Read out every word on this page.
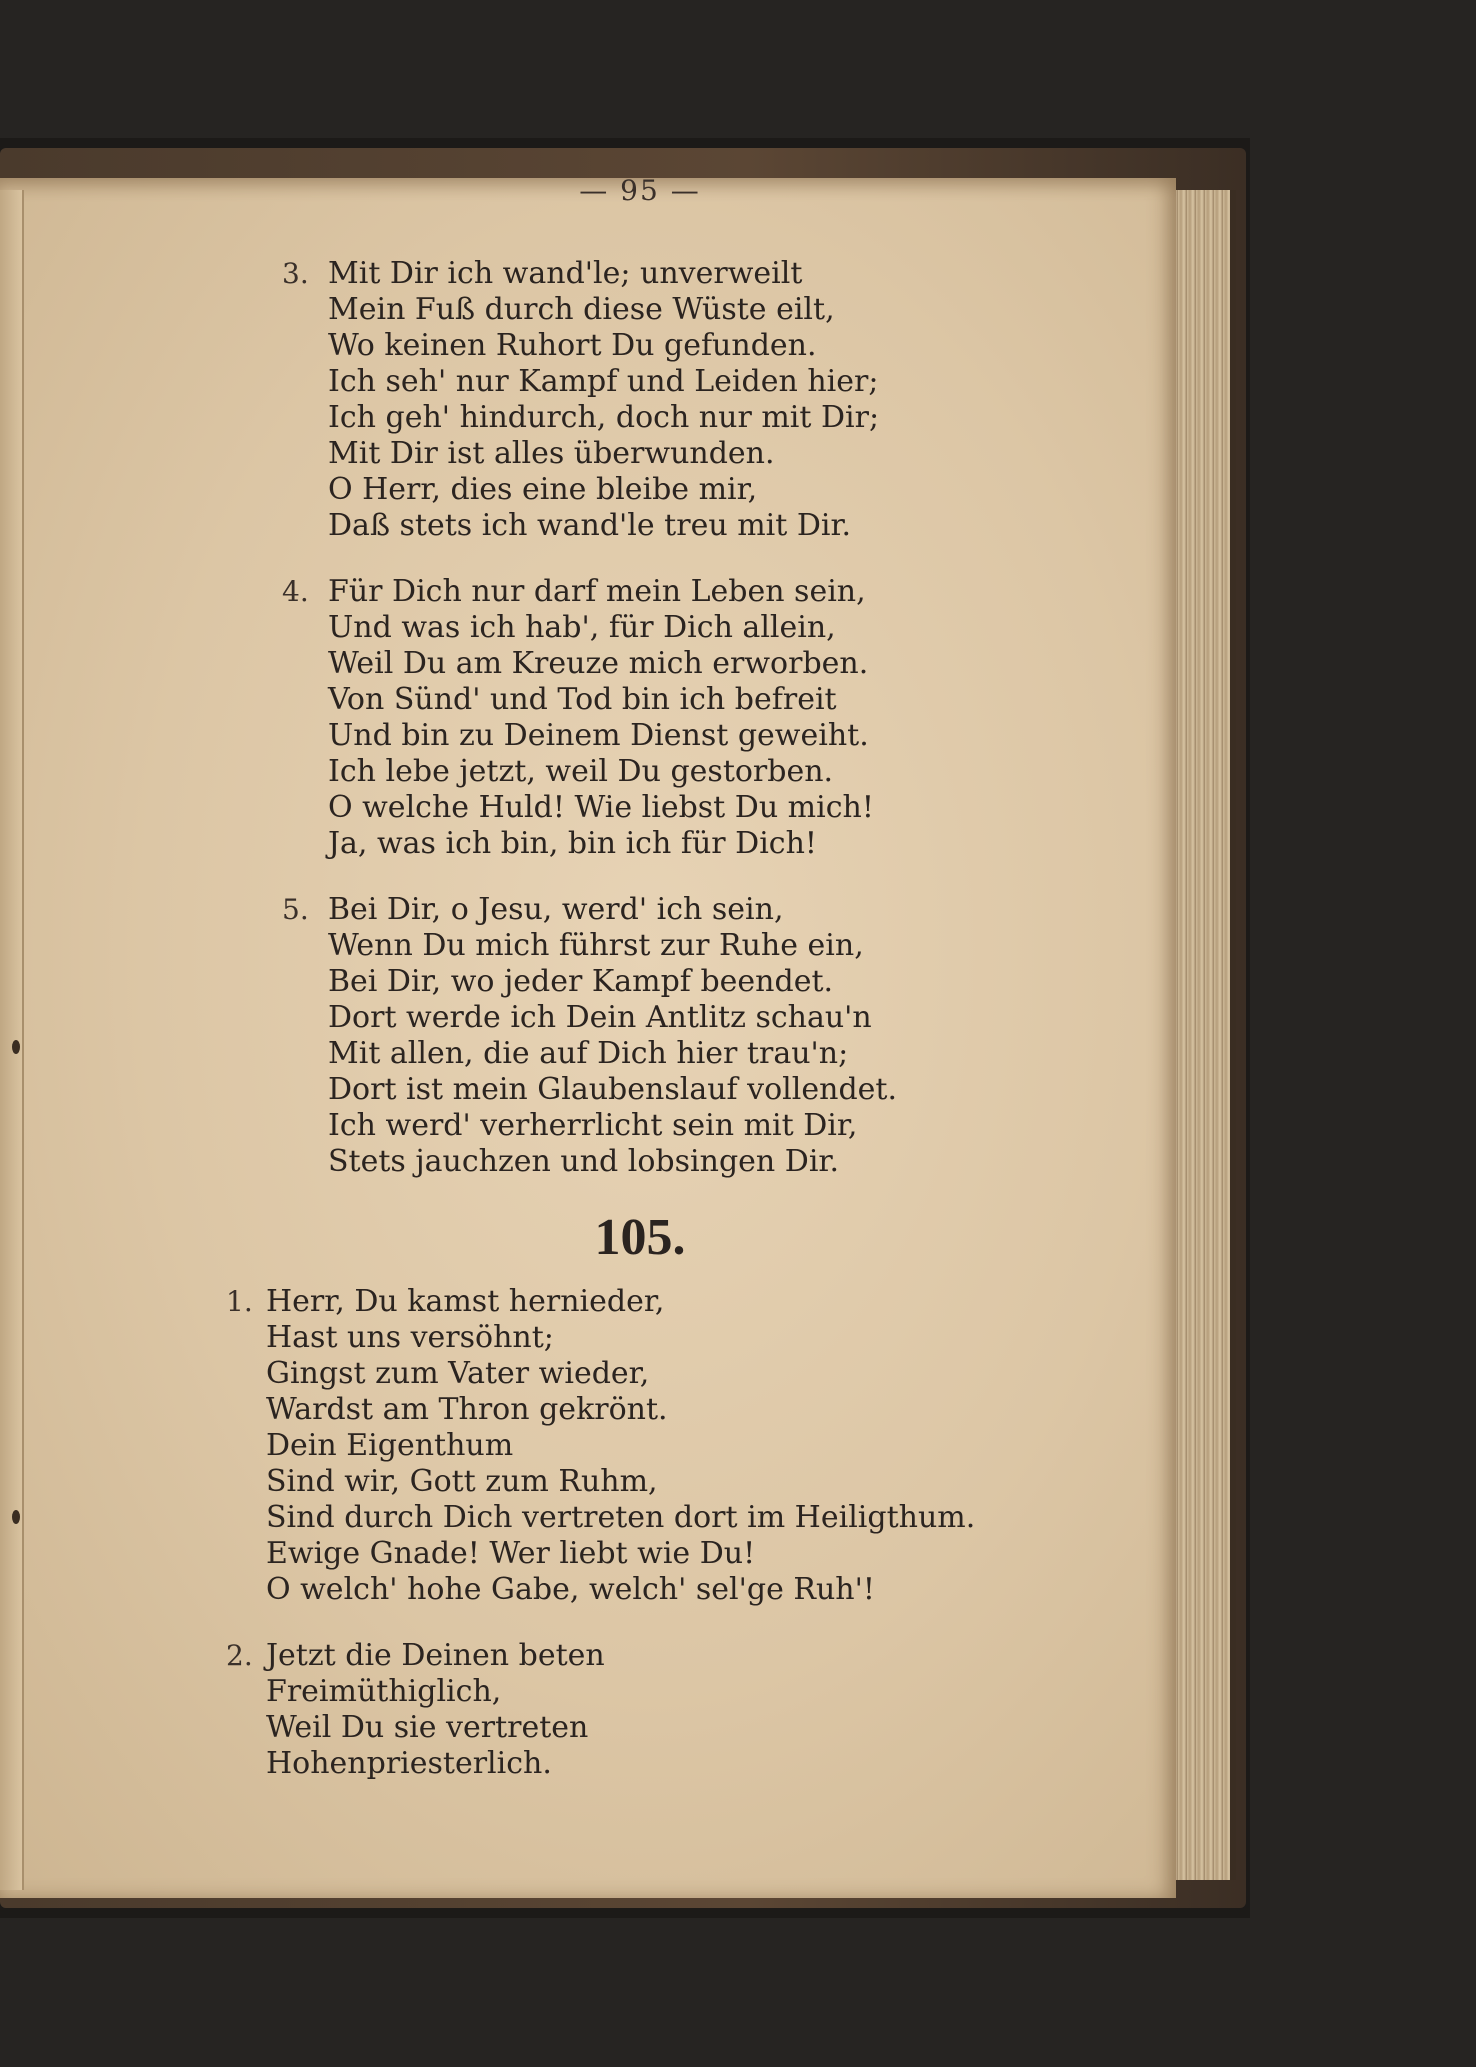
— 95 —
3. Mit Dir ich wand'le; unverweilt
Mein Fuß durch diese Wüste eilt,
Wo keinen Ruhort Du gefunden.
Ich seh' nur Kampf und Leiden hier;
Ich geh' hindurch, doch nur mit Dir;
Mit Dir ist alles überwunden.
O Herr, dies eine bleibe mir,
Daß stets ich wand'le treu mit Dir.
4. Für Dich nur darf mein Leben sein,
Und was ich hab', für Dich allein,
Weil Du am Kreuze mich erworben.
Von Sünd' und Tod bin ich befreit
Und bin zu Deinem Dienst geweiht.
Ich lebe jetzt, weil Du gestorben.
O welche Huld! Wie liebst Du mich!
Ja, was ich bin, bin ich für Dich!
5. Bei Dir, o Jesu, werd' ich sein,
Wenn Du mich führst zur Ruhe ein,
Bei Dir, wo jeder Kampf beendet.
Dort werde ich Dein Antlitz schau'n
Mit allen, die auf Dich hier trau'n;
Dort ist mein Glaubenslauf vollendet.
Ich werd' verherrlicht sein mit Dir,
Stets jauchzen und lobsingen Dir.
105.
1. Herr, Du kamst hernieder,
Hast uns versöhnt;
Gingst zum Vater wieder,
Wardst am Thron gekrönt.
Dein Eigenthum
Sind wir, Gott zum Ruhm,
Sind durch Dich vertreten dort im Heiligthum.
Ewige Gnade! Wer liebt wie Du!
O welch' hohe Gabe, welch' sel'ge Ruh'!
2. Jetzt die Deinen beten
Freimüthiglich,
Weil Du sie vertreten
Hohenpriesterlich.
